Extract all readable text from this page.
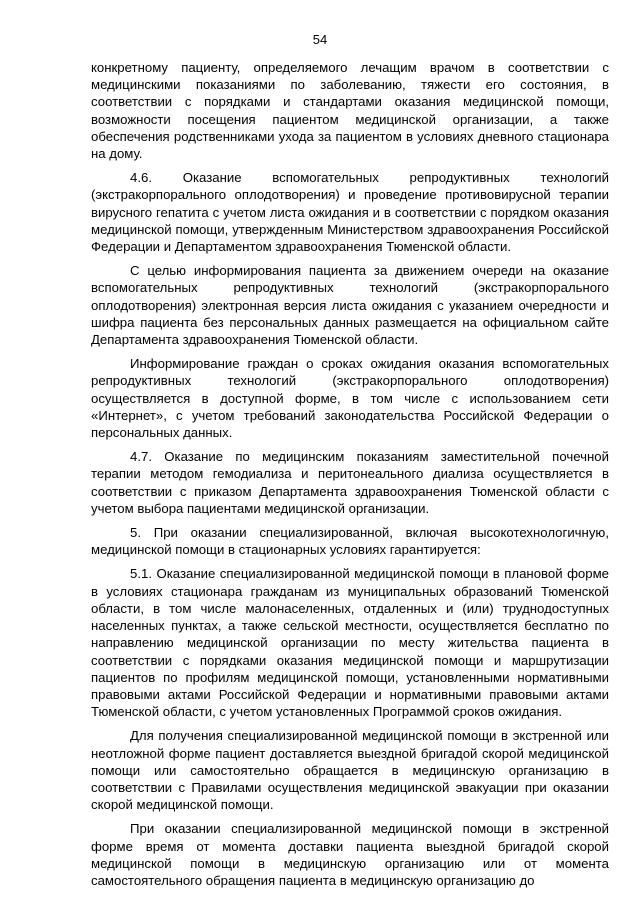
54

конкретному пациенту, определяемого лечащим врачом в соответствии с медицинскими показаниями по заболеванию, тяжести его состояния, в соответствии с порядками и стандартами оказания медицинской помощи, возможности посещения пациентом медицинской организации, а также обеспечения родственниками ухода за пациентом в условиях дневного стационара на дому.

4.6. Оказание вспомогательных репродуктивных технологий (экстракорпорального оплодотворения) и проведение противовирусной терапии вирусного гепатита с учетом листа ожидания и в соответствии с порядком оказания медицинской помощи, утвержденным Министерством здравоохранения Российской Федерации и Департаментом здравоохранения Тюменской области.

С целью информирования пациента за движением очереди на оказание вспомогательных репродуктивных технологий (экстракорпорального оплодотворения) электронная версия листа ожидания с указанием очередности и шифра пациента без персональных данных размещается на официальном сайте Департамента здравоохранения Тюменской области.

Информирование граждан о сроках ожидания оказания вспомогательных репродуктивных технологий (экстракорпорального оплодотворения) осуществляется в доступной форме, в том числе с использованием сети «Интернет», с учетом требований законодательства Российской Федерации о персональных данных.

4.7. Оказание по медицинским показаниям заместительной почечной терапии методом гемодиализа и перитонеального диализа осуществляется в соответствии с приказом Департамента здравоохранения Тюменской области с учетом выбора пациентами медицинской организации.

5. При оказании специализированной, включая высокотехнологичную, медицинской помощи в стационарных условиях гарантируется:

5.1. Оказание специализированной медицинской помощи в плановой форме в условиях стационара гражданам из муниципальных образований Тюменской области, в том числе малонаселенных, отдаленных и (или) труднодоступных населенных пунктах, а также сельской местности, осуществляется бесплатно по направлению медицинской организации по месту жительства пациента в соответствии с порядками оказания медицинской помощи и маршрутизации пациентов по профилям медицинской помощи, установленными нормативными правовыми актами Российской Федерации и нормативными правовыми актами Тюменской области, с учетом установленных Программой сроков ожидания.

Для получения специализированной медицинской помощи в экстренной или неотложной форме пациент доставляется выездной бригадой скорой медицинской помощи или самостоятельно обращается в медицинскую организацию в соответствии с Правилами осуществления медицинской эвакуации при оказании скорой медицинской помощи.

При оказании специализированной медицинской помощи в экстренной форме время от момента доставки пациента выездной бригадой скорой медицинской помощи в медицинскую организацию или от момента самостоятельного обращения пациента в медицинскую организацию до
